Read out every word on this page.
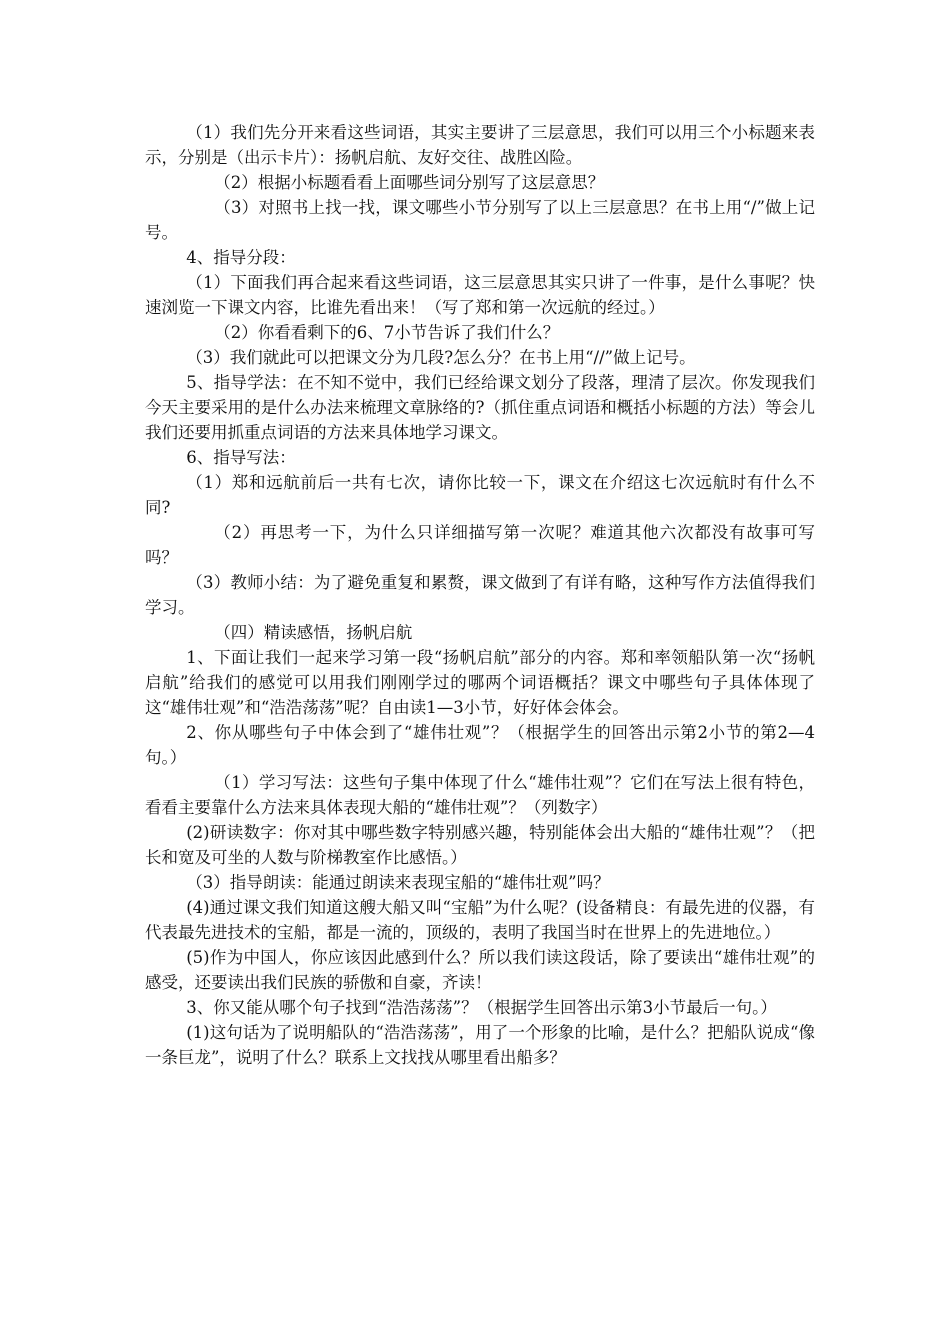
（1）我们先分开来看这些词语，其实主要讲了三层意思，我们可以用三个小标题来表示，分别是（出示卡片）：扬帆启航、友好交往、战胜凶险。

（2）根据小标题看看上面哪些词分别写了这层意思？

（3）对照书上找一找，课文哪些小节分别写了以上三层意思？在书上用“/”做上记号。

4、指导分段：

（1）下面我们再合起来看这些词语，这三层意思其实只讲了一件事，是什么事呢？快速浏览一下课文内容，比谁先看出来！（写了郑和第一次远航的经过。）

（2）你看看剩下的6、7小节告诉了我们什么？

（3）我们就此可以把课文分为几段?怎么分？在书上用“//”做上记号。

5、指导学法：在不知不觉中，我们已经给课文划分了段落，理清了层次。你发现我们今天主要采用的是什么办法来梳理文章脉络的?（抓住重点词语和概括小标题的方法）等会儿我们还要用抓重点词语的方法来具体地学习课文。

6、指导写法：

（1）郑和远航前后一共有七次，请你比较一下，课文在介绍这七次远航时有什么不同?

（2）再思考一下，为什么只详细描写第一次呢？难道其他六次都没有故事可写吗？

（3）教师小结：为了避免重复和累赘，课文做到了有详有略，这种写作方法值得我们学习。

（四）精读感悟，扬帆启航

1、下面让我们一起来学习第一段“扬帆启航”部分的内容。郑和率领船队第一次“扬帆启航”给我们的感觉可以用我们刚刚学过的哪两个词语概括？课文中哪些句子具体体现了这“雄伟壮观”和“浩浩荡荡”呢？自由读1—3小节，好好体会体会。

2、你从哪些句子中体会到了“雄伟壮观”？（根据学生的回答出示第2小节的第2—4句。）

（1）学习写法：这些句子集中体现了什么“雄伟壮观”？它们在写法上很有特色，看看主要靠什么方法来具体表现大船的“雄伟壮观”？（列数字）

(2)研读数字：你对其中哪些数字特别感兴趣，特别能体会出大船的“雄伟壮观”？（把长和宽及可坐的人数与阶梯教室作比感悟。）

（3）指导朗读：能通过朗读来表现宝船的“雄伟壮观”吗？

(4)通过课文我们知道这艘大船又叫“宝船”为什么呢？(设备精良：有最先进的仪器，有代表最先进技术的宝船，都是一流的，顶级的，表明了我国当时在世界上的先进地位。）

(5)作为中国人，你应该因此感到什么？所以我们读这段话，除了要读出“雄伟壮观”的感受，还要读出我们民族的骄傲和自豪，齐读！

3、你又能从哪个句子找到“浩浩荡荡”？（根据学生回答出示第3小节最后一句。）

(1)这句话为了说明船队的“浩浩荡荡”，用了一个形象的比喻，是什么？把船队说成“像一条巨龙”，说明了什么？联系上文找找从哪里看出船多？
